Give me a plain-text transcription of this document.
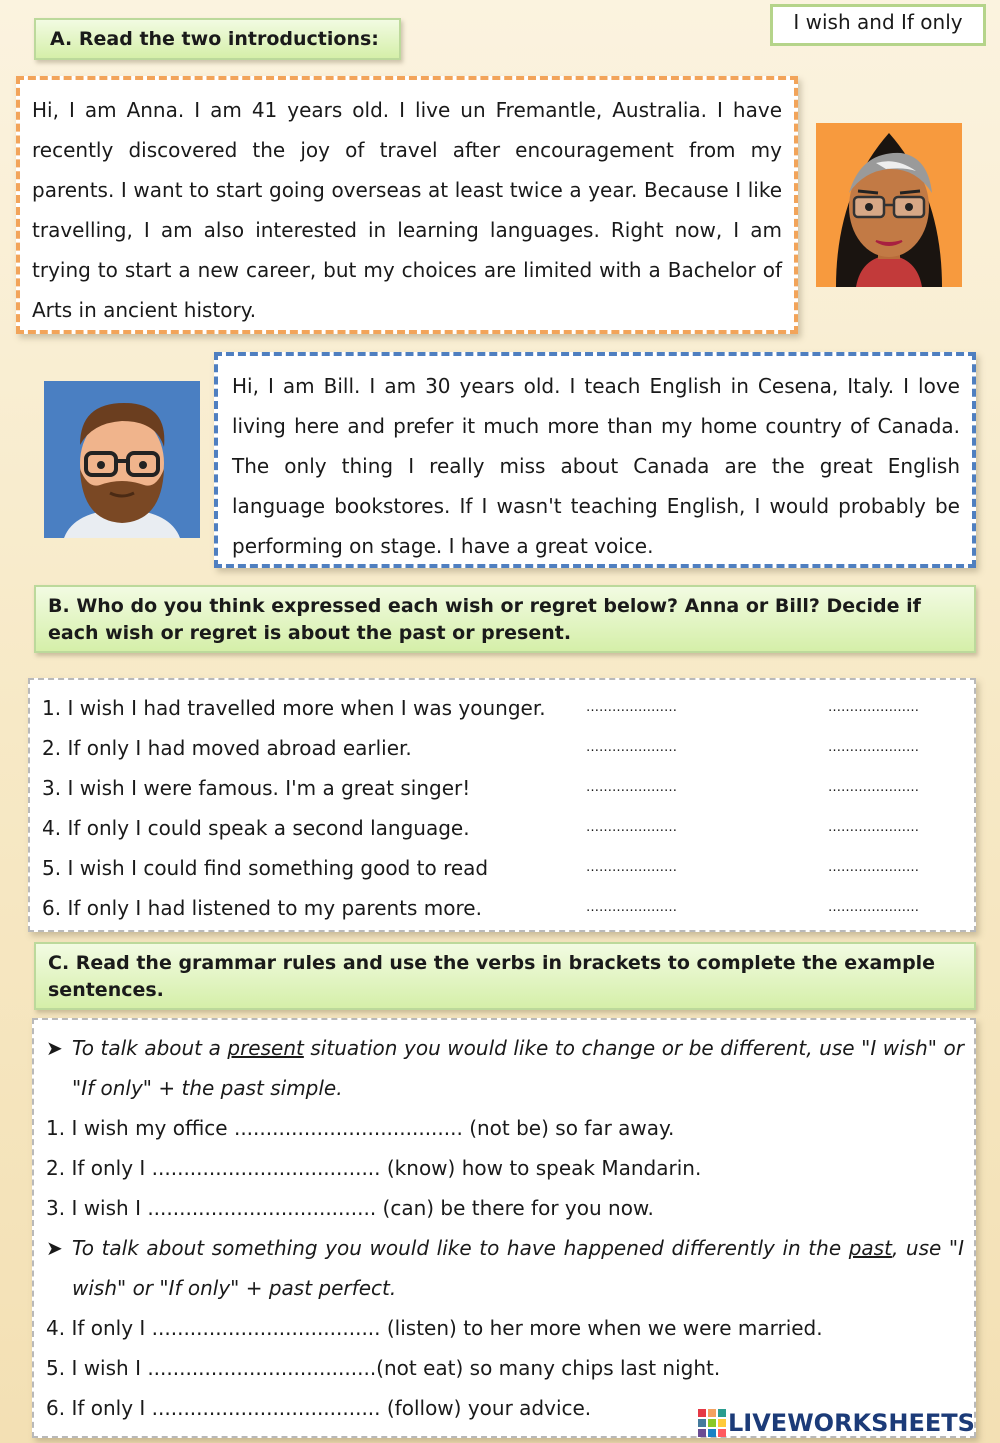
I wish and If only
A. Read the two introductions:
Hi, I am Anna. I am 41 years old. I live un Fremantle, Australia. I have recently discovered the joy of travel after encouragement from my parents. I want to start going overseas at least twice a year. Because I like travelling, I am also interested in learning languages. Right now, I am trying to start a new career, but my choices are limited with a Bachelor of Arts in ancient history.
Hi, I am Bill. I am 30 years old. I teach English in Cesena, Italy. I love living here and prefer it much more than my home country of Canada. The only thing I really miss about Canada are the great English language bookstores. If I wasn't teaching English, I would probably be performing on stage. I have a great voice.
B. Who do you think expressed each wish or regret below? Anna or Bill? Decide if each wish or regret is about the past or present.
1. I wish I had travelled more when I was younger.	…………………	…………………
2. If only I had moved abroad earlier.	…………………	…………………
3. I wish I were famous. I'm a great singer!	…………………	…………………
4. If only I could speak a second language.	…………………	…………………
5. I wish I could find something good to read	…………………	…………………
6. If only I had listened to my parents more.	…………………	…………………
C. Read the grammar rules and use the verbs in brackets to complete the example sentences.
➤ To talk about a present situation you would like to change or be different, use "I wish" or "If only" + the past simple.
1. I wish my office .................................... (not be) so far away.
2. If only I .................................... (know) how to speak Mandarin.
3. I wish I .................................... (can) be there for you now.
➤ To talk about something you would like to have happened differently in the past, use "I wish" or "If only" + past perfect.
4. If only I .................................... (listen) to her more when we were married.
5. I wish I ....................................(not eat) so many chips last night.
6. If only I .................................... (follow) your advice.
LIVEWORKSHEETS
